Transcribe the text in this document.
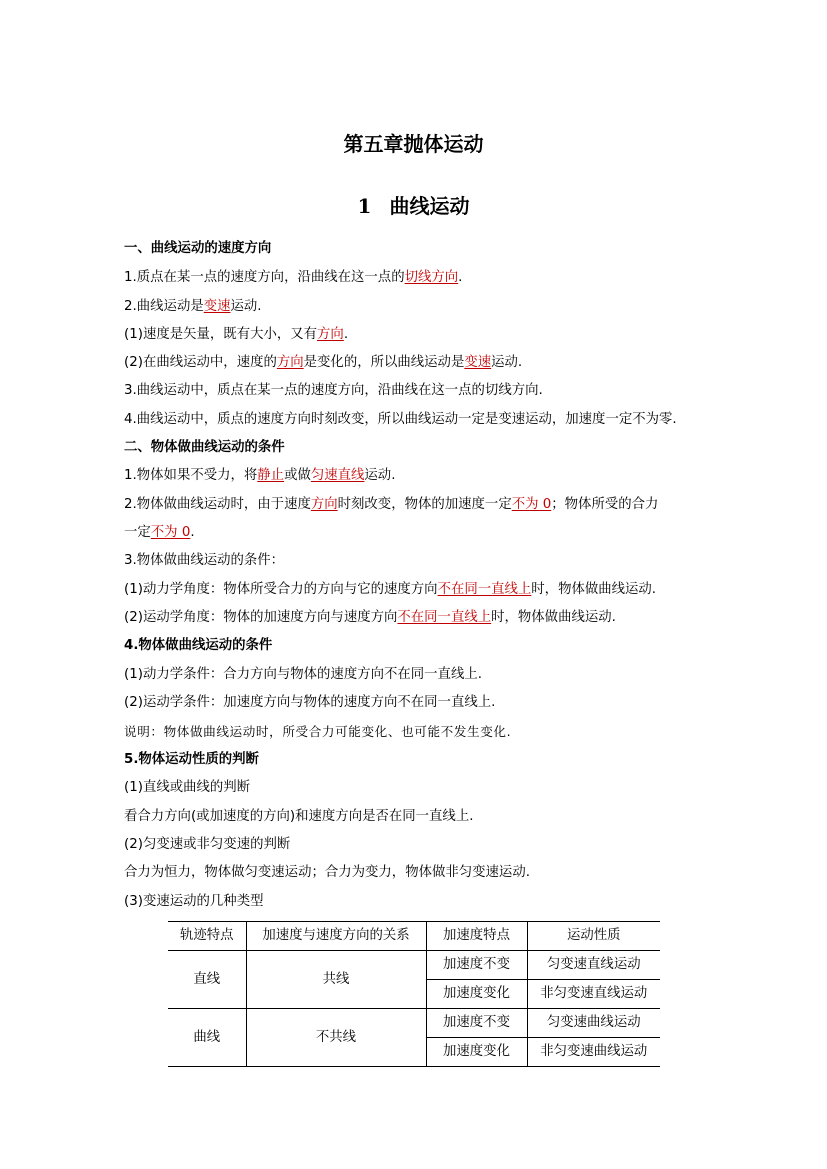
第五章抛体运动
1 曲线运动
一、曲线运动的速度方向
1.质点在某一点的速度方向，沿曲线在这一点的切线方向.
2.曲线运动是变速运动.
(1)速度是矢量，既有大小，又有方向.
(2)在曲线运动中，速度的方向是变化的，所以曲线运动是变速运动.
3.曲线运动中，质点在某一点的速度方向，沿曲线在这一点的切线方向.
4.曲线运动中，质点的速度方向时刻改变，所以曲线运动一定是变速运动，加速度一定不为零.
二、物体做曲线运动的条件
1.物体如果不受力，将静止或做匀速直线运动.
2.物体做曲线运动时，由于速度方向时刻改变，物体的加速度一定不为 0；物体所受的合力
一定不为 0.
3.物体做曲线运动的条件：
(1)动力学角度：物体所受合力的方向与它的速度方向不在同一直线上时，物体做曲线运动.
(2)运动学角度：物体的加速度方向与速度方向不在同一直线上时，物体做曲线运动.
4.物体做曲线运动的条件
(1)动力学条件：合力方向与物体的速度方向不在同一直线上.
(2)运动学条件：加速度方向与物体的速度方向不在同一直线上.
说明：物体做曲线运动时，所受合力可能变化、也可能不发生变化.
5.物体运动性质的判断
(1)直线或曲线的判断
看合力方向(或加速度的方向)和速度方向是否在同一直线上.
(2)匀变速或非匀变速的判断
合力为恒力，物体做匀变速运动；合力为变力，物体做非匀变速运动.
(3)变速运动的几种类型
轨迹特点	加速度与速度方向的关系	加速度特点	运动性质
直线	共线	加速度不变	匀变速直线运动
		加速度变化	非匀变速直线运动
曲线	不共线	加速度不变	匀变速曲线运动
		加速度变化	非匀变速曲线运动
